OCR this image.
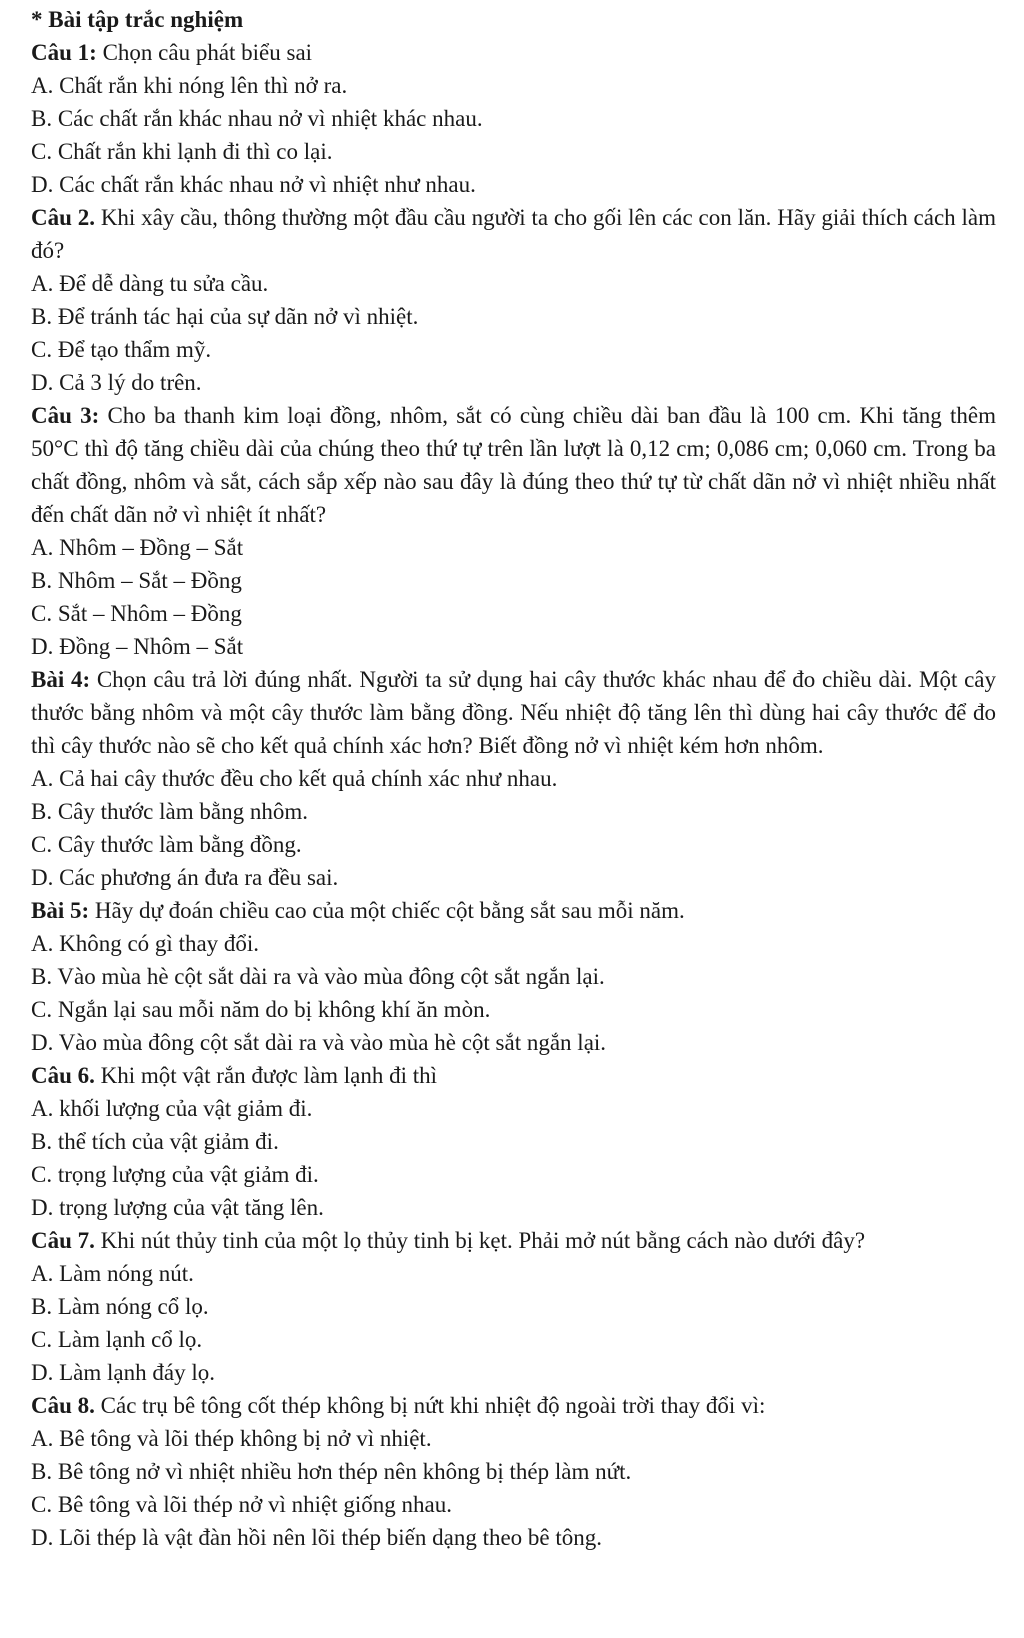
* Bài tập trắc nghiệm
Câu 1: Chọn câu phát biểu sai
A. Chất rắn khi nóng lên thì nở ra.
B. Các chất rắn khác nhau nở vì nhiệt khác nhau.
C. Chất rắn khi lạnh đi thì co lại.
D. Các chất rắn khác nhau nở vì nhiệt như nhau.
Câu 2. Khi xây cầu, thông thường một đầu cầu người ta cho gối lên các con lăn. Hãy giải thích cách làm đó?
A. Để dễ dàng tu sửa cầu.
B. Để tránh tác hại của sự dãn nở vì nhiệt.
C. Để tạo thẩm mỹ.
D. Cả 3 lý do trên.
Câu 3: Cho ba thanh kim loại đồng, nhôm, sắt có cùng chiều dài ban đầu là 100 cm. Khi tăng thêm 50°C thì độ tăng chiều dài của chúng theo thứ tự trên lần lượt là 0,12 cm; 0,086 cm; 0,060 cm. Trong ba chất đồng, nhôm và sắt, cách sắp xếp nào sau đây là đúng theo thứ tự từ chất dãn nở vì nhiệt nhiều nhất đến chất dãn nở vì nhiệt ít nhất?
A. Nhôm – Đồng – Sắt
B. Nhôm – Sắt – Đồng
C. Sắt – Nhôm – Đồng
D. Đồng – Nhôm – Sắt
Bài 4: Chọn câu trả lời đúng nhất. Người ta sử dụng hai cây thước khác nhau để đo chiều dài. Một cây thước bằng nhôm và một cây thước làm bằng đồng. Nếu nhiệt độ tăng lên thì dùng hai cây thước để đo thì cây thước nào sẽ cho kết quả chính xác hơn? Biết đồng nở vì nhiệt kém hơn nhôm.
A. Cả hai cây thước đều cho kết quả chính xác như nhau.
B. Cây thước làm bằng nhôm.
C. Cây thước làm bằng đồng.
D. Các phương án đưa ra đều sai.
Bài 5: Hãy dự đoán chiều cao của một chiếc cột bằng sắt sau mỗi năm.
A. Không có gì thay đổi.
B. Vào mùa hè cột sắt dài ra và vào mùa đông cột sắt ngắn lại.
C. Ngắn lại sau mỗi năm do bị không khí ăn mòn.
D. Vào mùa đông cột sắt dài ra và vào mùa hè cột sắt ngắn lại.
Câu 6. Khi một vật rắn được làm lạnh đi thì
A. khối lượng của vật giảm đi.
B. thể tích của vật giảm đi.
C. trọng lượng của vật giảm đi.
D. trọng lượng của vật tăng lên.
Câu 7. Khi nút thủy tinh của một lọ thủy tinh bị kẹt. Phải mở nút bằng cách nào dưới đây?
A. Làm nóng nút.
B. Làm nóng cổ lọ.
C. Làm lạnh cổ lọ.
D. Làm lạnh đáy lọ.
Câu 8. Các trụ bê tông cốt thép không bị nứt khi nhiệt độ ngoài trời thay đổi vì:
A. Bê tông và lõi thép không bị nở vì nhiệt.
B. Bê tông nở vì nhiệt nhiều hơn thép nên không bị thép làm nứt.
C. Bê tông và lõi thép nở vì nhiệt giống nhau.
D. Lõi thép là vật đàn hồi nên lõi thép biến dạng theo bê tông.
